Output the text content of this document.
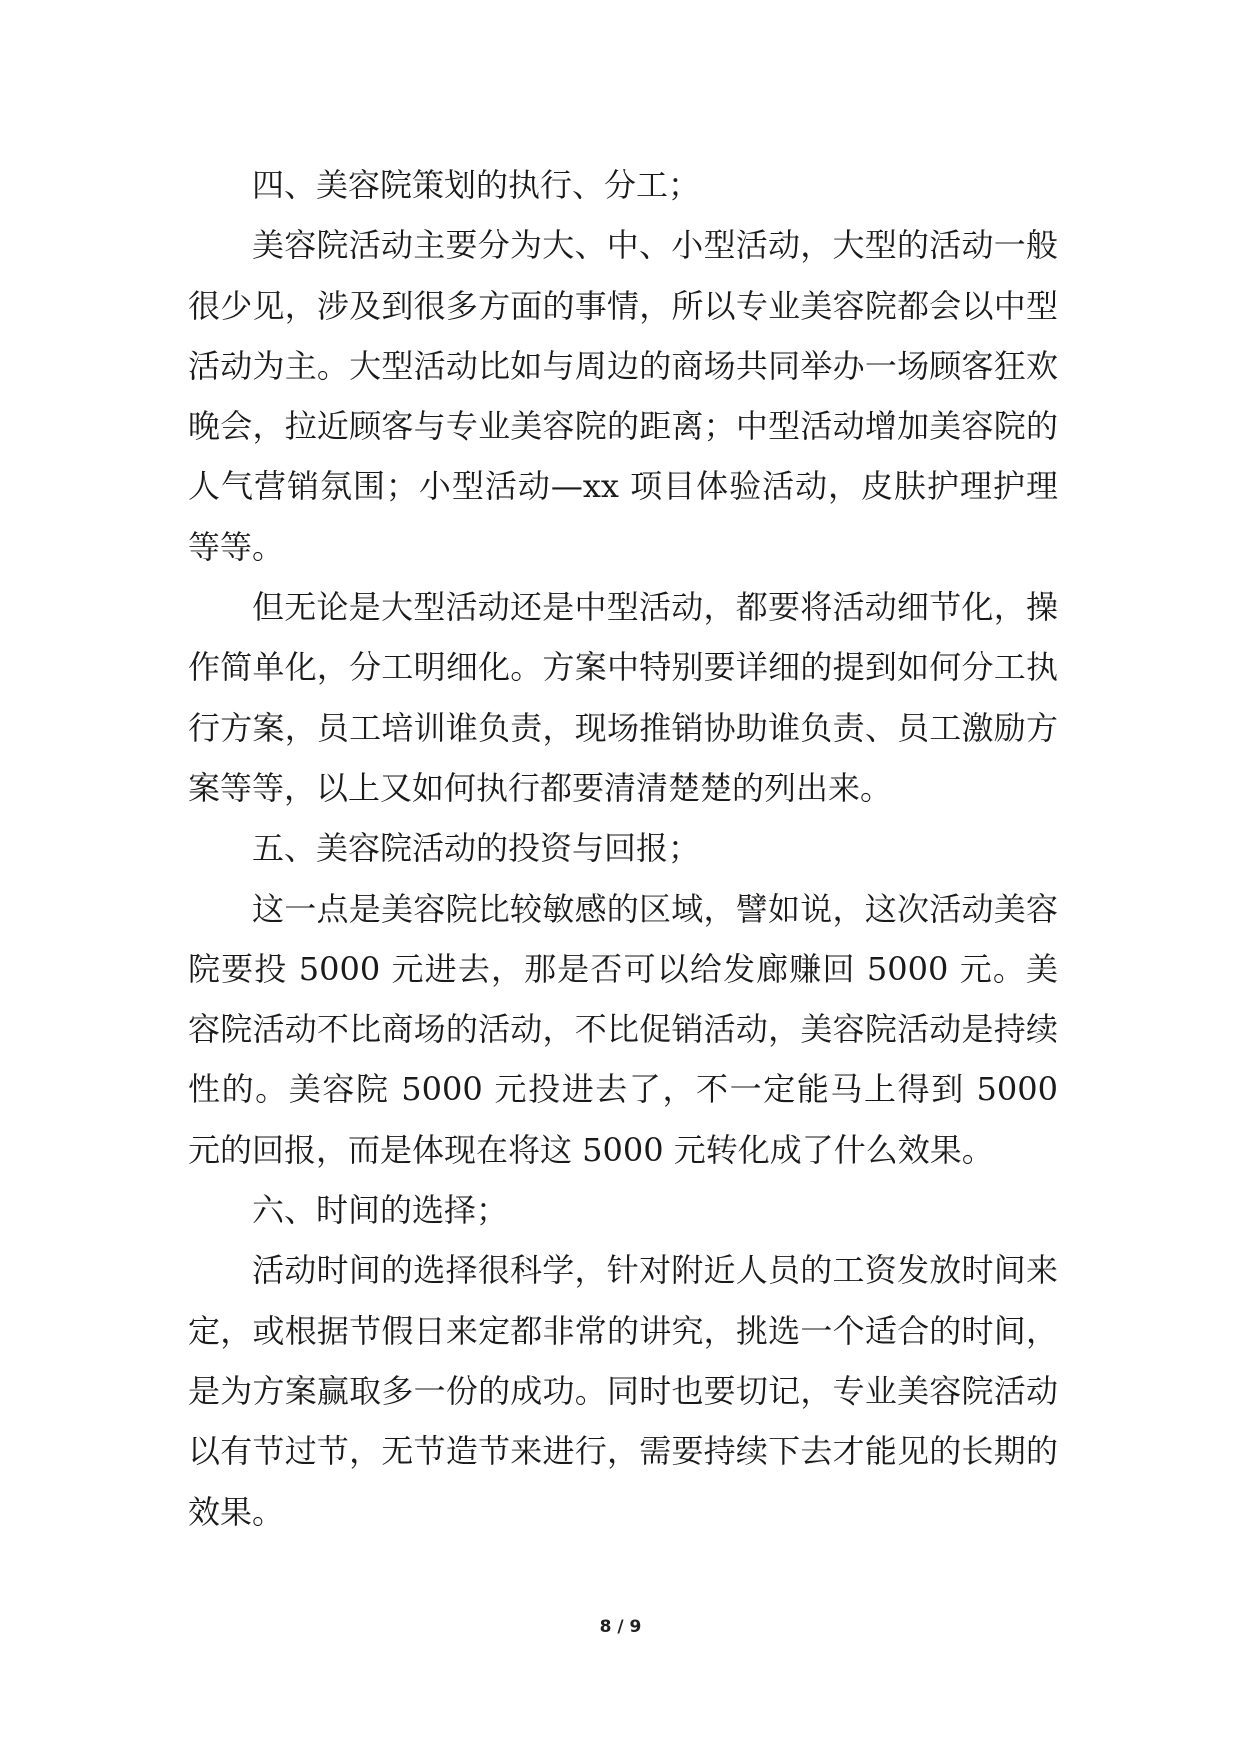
四、美容院策划的执行、分工；

美容院活动主要分为大、中、小型活动，大型的活动一般很少见，涉及到很多方面的事情，所以专业美容院都会以中型活动为主。大型活动比如与周边的商场共同举办一场顾客狂欢晚会，拉近顾客与专业美容院的距离；中型活动增加美容院的人气营销氛围；小型活动—xx 项目体验活动，皮肤护理护理等等。

但无论是大型活动还是中型活动，都要将活动细节化，操作简单化，分工明细化。方案中特别要详细的提到如何分工执行方案，员工培训谁负责，现场推销协助谁负责、员工激励方案等等，以上又如何执行都要清清楚楚的列出来。

五、美容院活动的投资与回报；

这一点是美容院比较敏感的区域，譬如说，这次活动美容院要投 5000 元进去，那是否可以给发廊赚回 5000 元。美容院活动不比商场的活动，不比促销活动，美容院活动是持续性的。美容院 5000 元投进去了，不一定能马上得到 5000 元的回报，而是体现在将这 5000 元转化成了什么效果。

六、时间的选择；

活动时间的选择很科学，针对附近人员的工资发放时间来定，或根据节假日来定都非常的讲究，挑选一个适合的时间，是为方案赢取多一份的成功。同时也要切记，专业美容院活动以有节过节，无节造节来进行，需要持续下去才能见的长期的效果。

8 / 9
